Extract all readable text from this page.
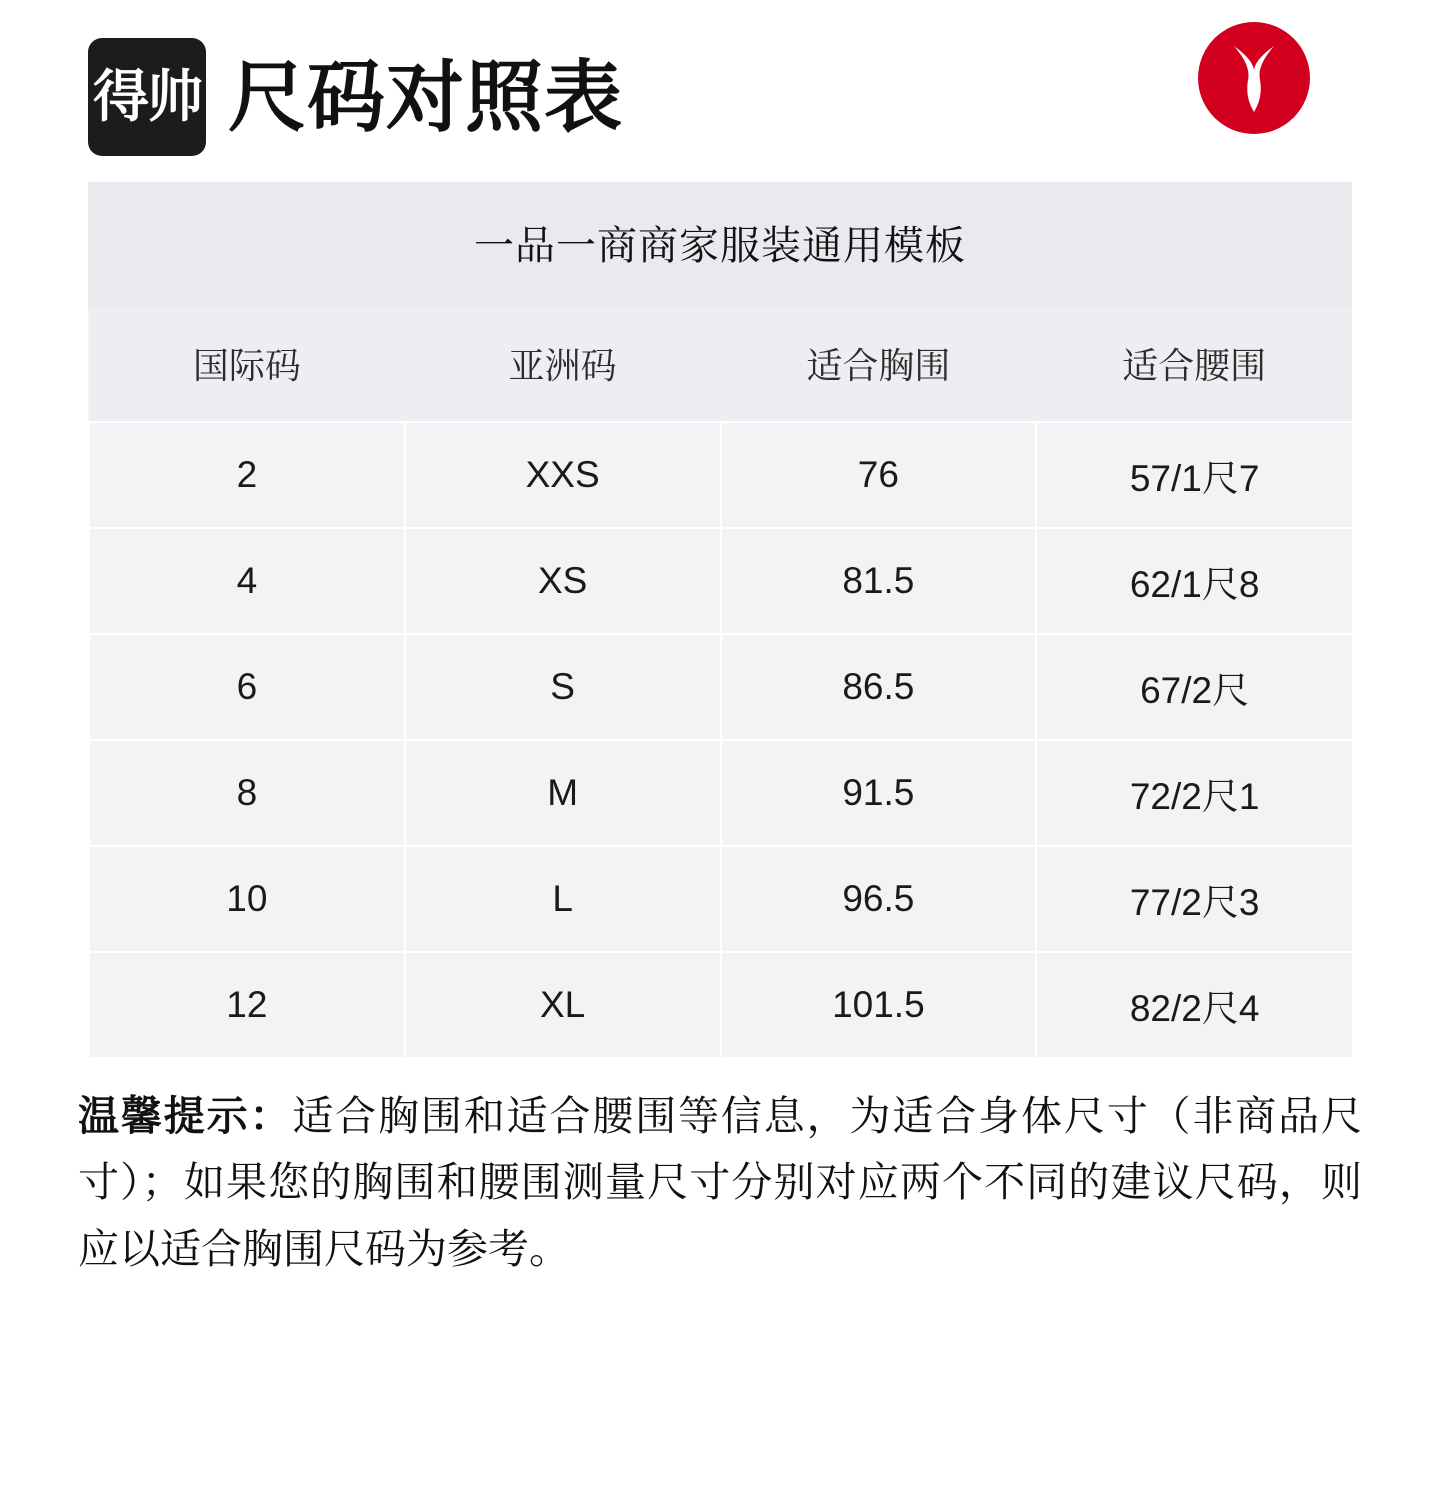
得帅 尺码对照表
一品一商商家服装通用模板
国际码	亚洲码	适合胸围	适合腰围
2	XXS	76	57/1尺7
4	XS	81.5	62/1尺8
6	S	86.5	67/2尺
8	M	91.5	72/2尺1
10	L	96.5	77/2尺3
12	XL	101.5	82/2尺4
温馨提示：适合胸围和适合腰围等信息，为适合身体尺寸（非商品尺寸）；如果您的胸围和腰围测量尺寸分别对应两个不同的建议尺码，则应以适合胸围尺码为参考。
